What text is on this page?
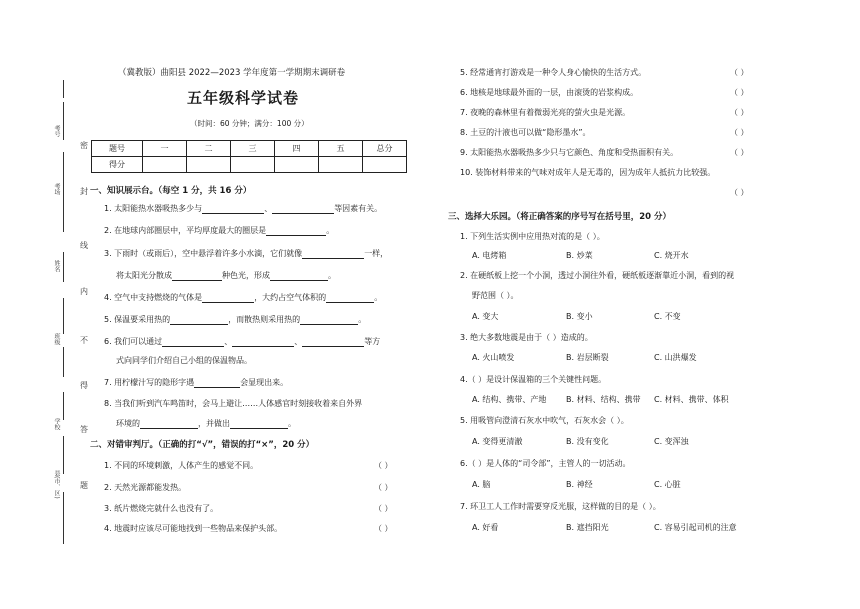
考号
考场
姓名
班级
学校
县(市、区)
密
封
线
内
不
得
答
题
（冀教版）曲阳县 2022—2023 学年度第一学期期末调研卷
五年级科学试卷
（时间：60 分钟；满分：100 分）
题号	一	二	三	四	五	总分
得分						
一、知识展示台。（每空 1 分，共 16 分）
1. 太阳能热水器吸热多少与	、	等因素有关。
2. 在地球内部圈层中，平均厚度最大的圈层是	。
3. 下雨时（或雨后），空中悬浮着许多小水滴，它们就像	一样，
将太阳光分散成	种色光，形成	。
4. 空气中支持燃烧的气体是	，大约占空气体积的	。
5. 保温要采用热的	，而散热则采用热的	。
6. 我们可以通过	、	、	等方
式向同学们介绍自己小组的保温物品。
7. 用柠檬汁写的隐形字遇	会显现出来。
8. 当我们听到汽车鸣笛时，会马上避让……人体感官时刻接收着来自外界
环境的	，并做出	。
二、对错审判厅。（正确的打“√”，错误的打“×”，20 分）
1. 不同的环境刺激，人体产生的感觉不同。	（ ）
2. 天然光源都能发热。	（ ）
3. 纸片燃烧完就什么也没有了。	（ ）
4. 地震时应该尽可能地找到一些物品来保护头部。	（ ）
5. 经常通宵打游戏是一种令人身心愉快的生活方式。	（ ）
6. 地核是地球最外面的一层，由滚烫的岩浆构成。	（ ）
7. 夜晚的森林里有着微弱光亮的萤火虫是光源。	（ ）
8. 土豆的汁液也可以做“隐形墨水”。	（ ）
9. 太阳能热水器吸热多少只与它颜色、角度和受热面积有关。	（ ）
10. 装饰材料带来的气味对成年人是无毒的，因为成年人抵抗力比较强。
（ ）
三、选择大乐园。（将正确答案的序号写在括号里，20 分）
1. 下列生活实例中应用热对流的是（ ）。
A. 电烤箱	B. 炒菜	C. 烧开水
2. 在硬纸板上挖一个小洞，透过小洞往外看，硬纸板逐渐靠近小洞，看到的视
野范围（ ）。
A. 变大	B. 变小	C. 不变
3. 绝大多数地震是由于（ ）造成的。
A. 火山喷发	B. 岩层断裂	C. 山洪爆发
4.（ ）是设计保温箱的三个关键性问题。
A. 结构、携带、产地 B. 材料、结构、携带 C. 材料、携带、体积
5. 用吸管向澄清石灰水中吹气，石灰水会（ ）。
A. 变得更清澈	B. 没有变化	C. 变浑浊
6.（ ）是人体的“司令部”，主管人的一切活动。
A. 脑	B. 神经	C. 心脏
7. 环卫工人工作时需要穿反光服，这样做的目的是（ ）。
A. 好看	B. 遮挡阳光	C. 容易引起司机的注意
